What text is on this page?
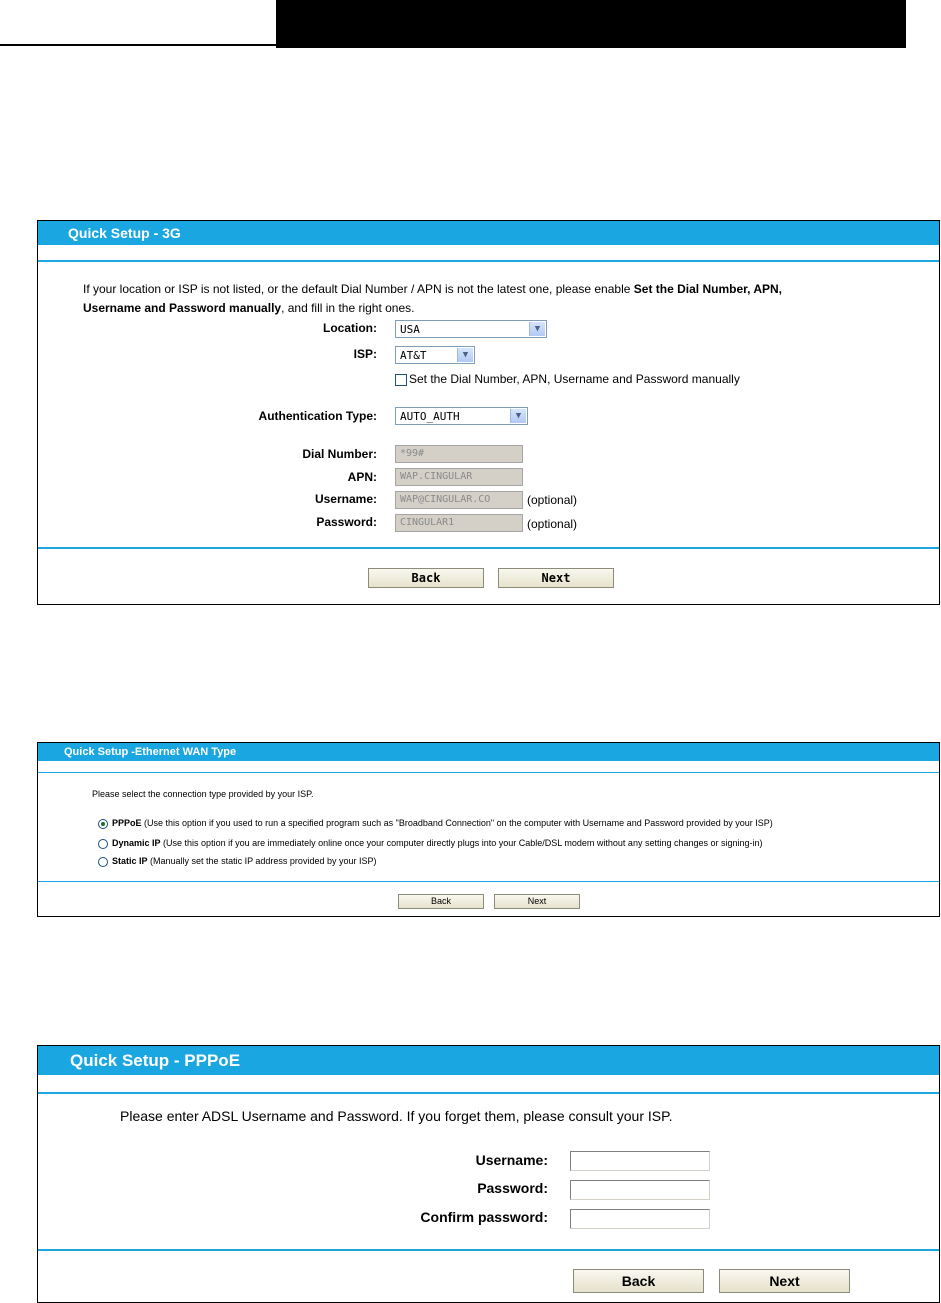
Quick Setup - 3G
If your location or ISP is not listed, or the default Dial Number / APN is not the latest one, please enable Set the Dial Number, APN,
Username and Password manually, and fill in the right ones.
Location: USA	▼
ISP: AT&T	▼
Set the Dial Number, APN, Username and Password manually
Authentication Type: AUTO_AUTH	▼
Dial Number:	*99#
APN:	WAP.CINGULAR
Username:	WAP@CINGULAR.CO	(optional)
Password:	CINGULAR1	(optional)
Back	Next
Quick Setup -Ethernet WAN Type
Please select the connection type provided by your ISP.
PPPoE (Use this option if you used to run a specified program such as "Broadband Connection" on the computer with Username and Password provided by your ISP)
Dynamic IP (Use this option if you are immediately online once your computer directly plugs into your Cable/DSL modem without any setting changes or signing-in)
Static IP (Manually set the static IP address provided by your ISP)
Back	Next
Quick Setup - PPPoE
Please enter ADSL Username and Password. If you forget them, please consult your ISP.
Username:
Password:
Confirm password:
Back	Next
